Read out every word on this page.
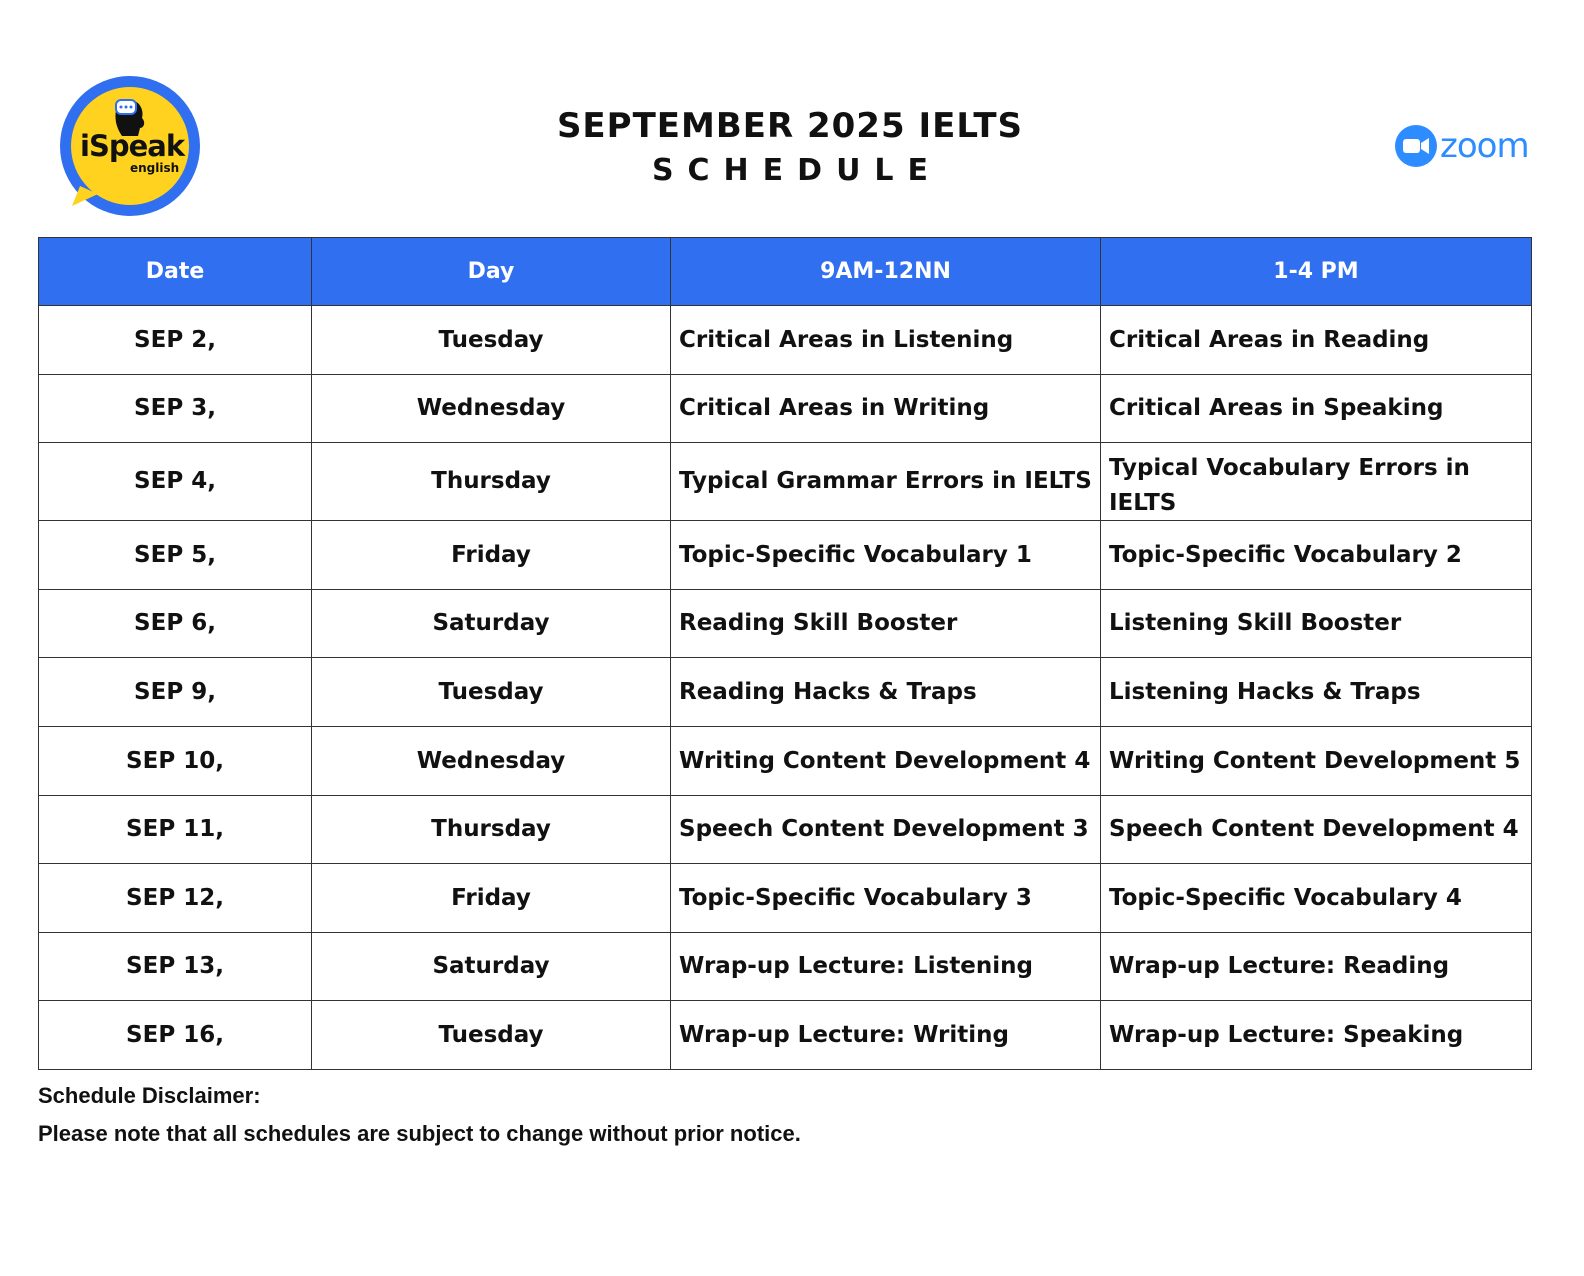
iSpeak
english
SEPTEMBER 2025 IELTS
SCHEDULE
zoom
Date	Day	9AM-12NN	1-4 PM
SEP 2,	Tuesday	Critical Areas in Listening	Critical Areas in Reading
SEP 3,	Wednesday	Critical Areas in Writing	Critical Areas in Speaking
SEP 4,	Thursday	Typical Grammar Errors in IELTS	Typical Vocabulary Errors in IELTS
SEP 5,	Friday	Topic-Specific Vocabulary 1	Topic-Specific Vocabulary 2
SEP 6,	Saturday	Reading Skill Booster	Listening Skill Booster
SEP 9,	Tuesday	Reading Hacks & Traps	Listening Hacks & Traps
SEP 10,	Wednesday	Writing Content Development 4	Writing Content Development 5
SEP 11,	Thursday	Speech Content Development 3	Speech Content Development 4
SEP 12,	Friday	Topic-Specific Vocabulary 3	Topic-Specific Vocabulary 4
SEP 13,	Saturday	Wrap-up Lecture: Listening	Wrap-up Lecture: Reading
SEP 16,	Tuesday	Wrap-up Lecture: Writing	Wrap-up Lecture: Speaking
Schedule Disclaimer:
Please note that all schedules are subject to change without prior notice.
